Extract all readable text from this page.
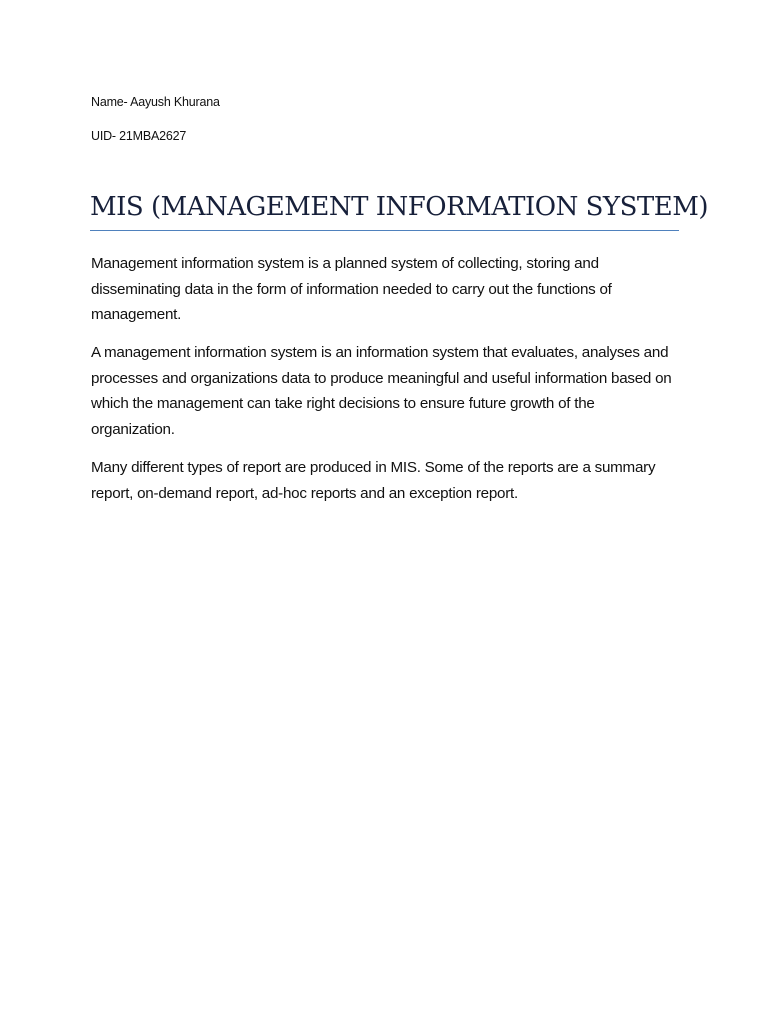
Name- Aayush Khurana
UID- 21MBA2627
MIS (MANAGEMENT INFORMATION SYSTEM)

Management information system is a planned system of collecting, storing and disseminating data in the form of information needed to carry out the functions of management.

A management information system is an information system that evaluates, analyses and processes and organizations data to produce meaningful and useful information based on which the management can take right decisions to ensure future growth of the organization.

Many different types of report are produced in MIS. Some of the reports are a summary report, on-demand report, ad-hoc reports and an exception report.
